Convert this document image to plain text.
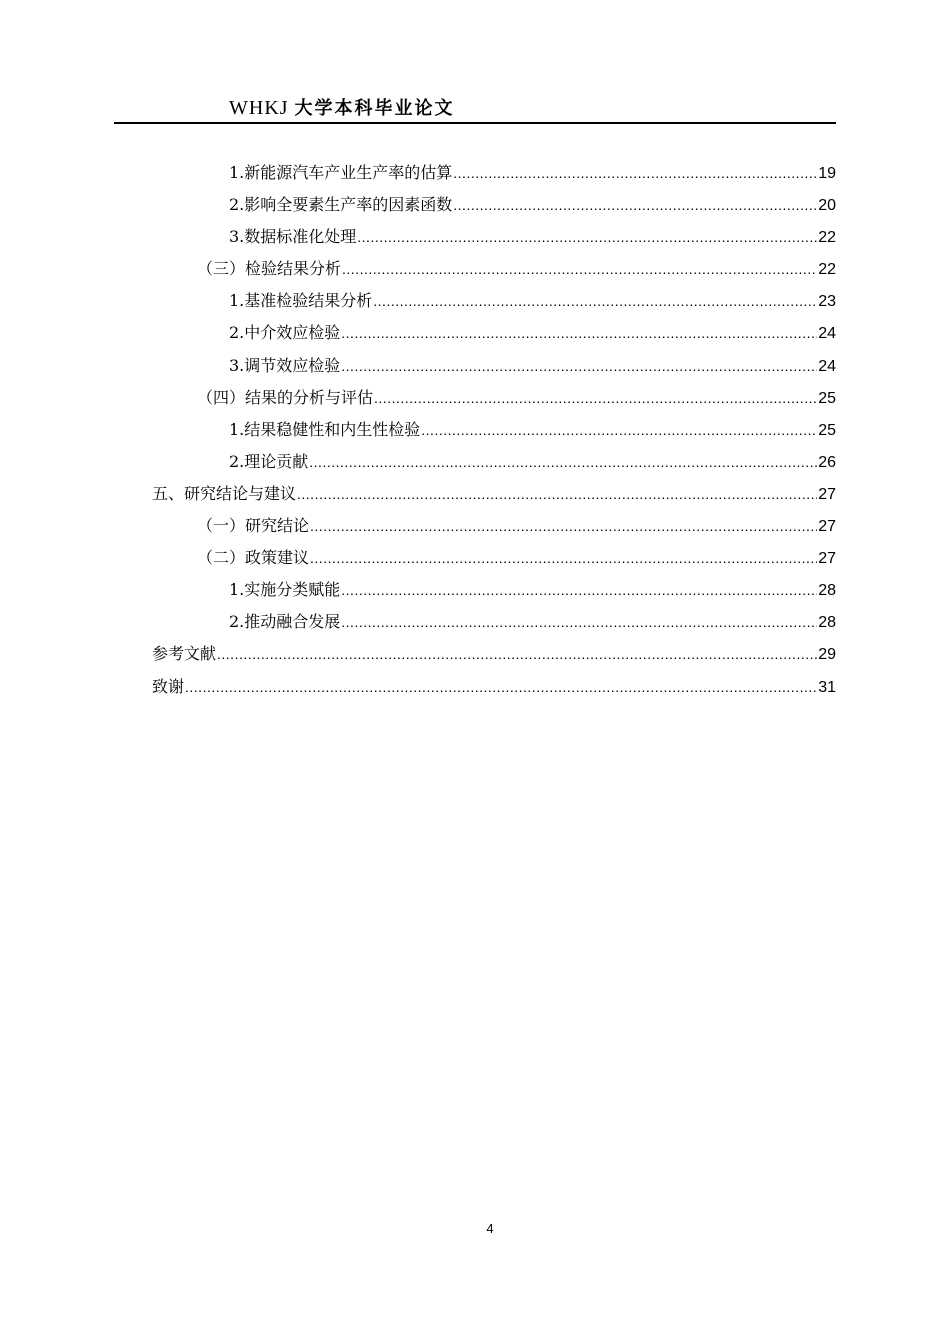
WHKJ 大学本科毕业论文
1.新能源汽车产业生产率的估算 .....	19
2.影响全要素生产率的因素函数 .....	20
3.数据标准化处理 .....	22
（三）检验结果分析 .....	22
1.基准检验结果分析 .....	23
2.中介效应检验 .....	24
3.调节效应检验 .....	24
（四）结果的分析与评估 .....	25
1.结果稳健性和内生性检验 .....	25
2.理论贡献 .....	26
五、研究结论与建议 .....	27
（一）研究结论 .....	27
（二）政策建议 .....	27
1.实施分类赋能 .....	28
2.推动融合发展 .....	28
参考文献 .....	29
致谢 .....	31
4
